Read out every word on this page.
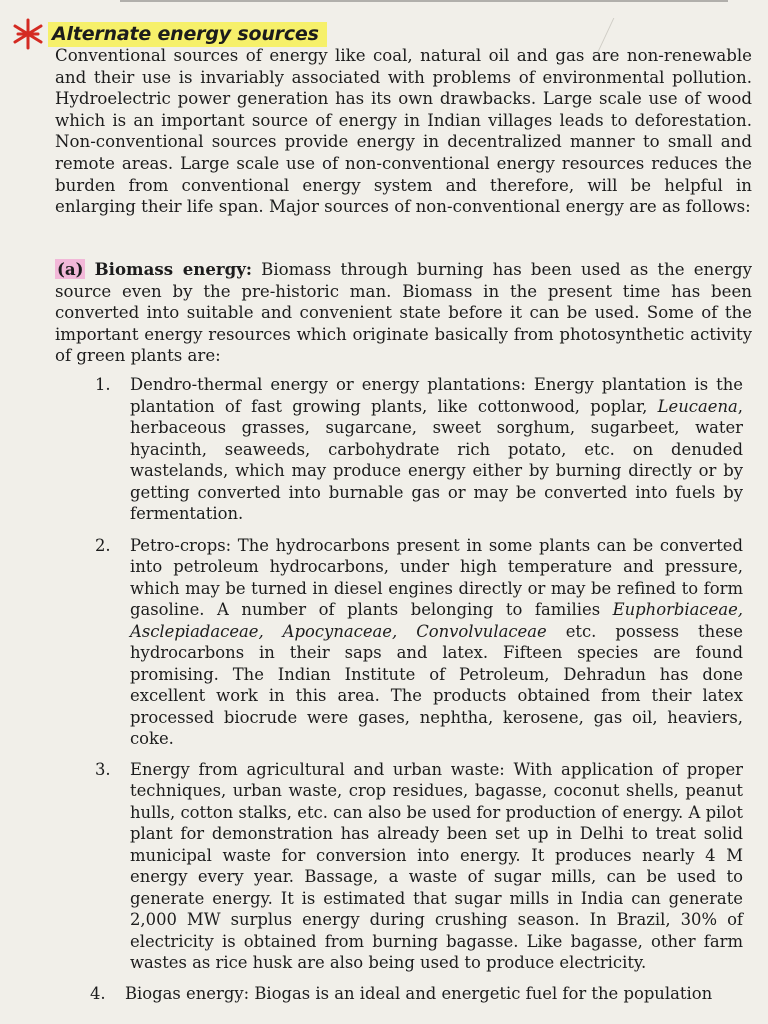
Alternate energy sources

Conventional sources of energy like coal, natural oil and gas are non-renewable and their use is invariably associated with problems of environmental pollution. Hydroelectric power generation has its own drawbacks. Large scale use of wood which is an important source of energy in Indian villages leads to deforestation. Non-conventional sources provide energy in decentralized manner to small and remote areas. Large scale use of non-conventional energy resources reduces the burden from conventional energy system and therefore, will be helpful in enlarging their life span. Major sources of non-conventional energy are as follows:

(a) Biomass energy: Biomass through burning has been used as the energy source even by the pre-historic man. Biomass in the present time has been converted into suitable and convenient state before it can be used. Some of the important energy resources which originate basically from photosynthetic activity of green plants are:

1. Dendro-thermal energy or energy plantations: Energy plantation is the plantation of fast growing plants, like cottonwood, poplar, Leucaena, herbaceous grasses, sugarcane, sweet sorghum, sugarbeet, water hyacinth, seaweeds, carbohydrate rich potato, etc. on denuded wastelands, which may produce energy either by burning directly or by getting converted into burnable gas or may be converted into fuels by fermentation.
2. Petro-crops: The hydrocarbons present in some plants can be converted into petroleum hydrocarbons, under high temperature and pressure, which may be turned in diesel engines directly or may be refined to form gasoline. A number of plants belonging to families Euphorbiaceae, Asclepiadaceae, Apocynaceae, Convolvulaceae etc. possess these hydrocarbons in their saps and latex. Fifteen species are found promising. The Indian Institute of Petroleum, Dehradun has done excellent work in this area. The products obtained from their latex processed biocrude were gases, nephtha, kerosene, gas oil, heaviers, coke.
3. Energy from agricultural and urban waste: With application of proper techniques, urban waste, crop residues, bagasse, coconut shells, peanut hulls, cotton stalks, etc. can also be used for production of energy. A pilot plant for demonstration has already been set up in Delhi to treat solid municipal waste for conversion into energy. It produces nearly 4 M energy every year. Bassage, a waste of sugar mills, can be used to generate energy. It is estimated that sugar mills in India can generate 2,000 MW surplus energy during crushing season. In Brazil, 30% of electricity is obtained from burning bagasse. Like bagasse, other farm wastes as rice husk are also being used to produce electricity.
4. Biogas energy: Biogas is an ideal and energetic fuel for the population
